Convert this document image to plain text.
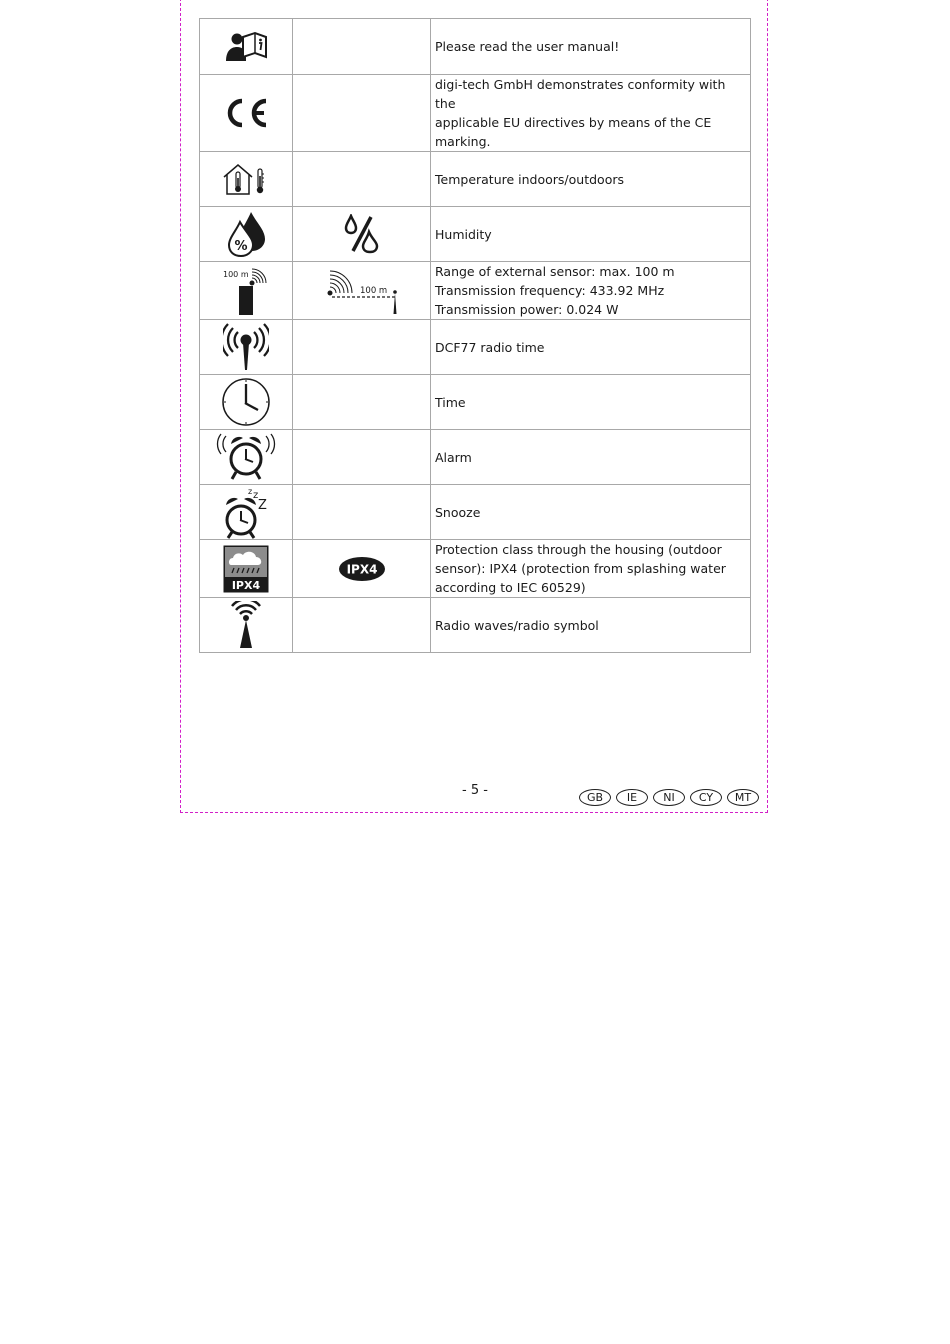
Please read the user manual!

digi-tech GmbH demonstrates conformity with the
applicable EU directives by means of the CE
marking.

Temperature indoors/outdoors

%		Humidity

100 m	100 m	Range of external sensor: max. 100 m
Transmission frequency: 433.92 MHz
Transmission power: 0.024 W

DCF77 radio time

Time

Alarm

z z
Z		Snooze

IPX4	IPX4	Protection class through the housing (outdoor
sensor): IPX4 (protection from splashing water
according to IEC 60529)

Radio waves/radio symbol
- 5 -	GB	IE	NI	CY	MT
